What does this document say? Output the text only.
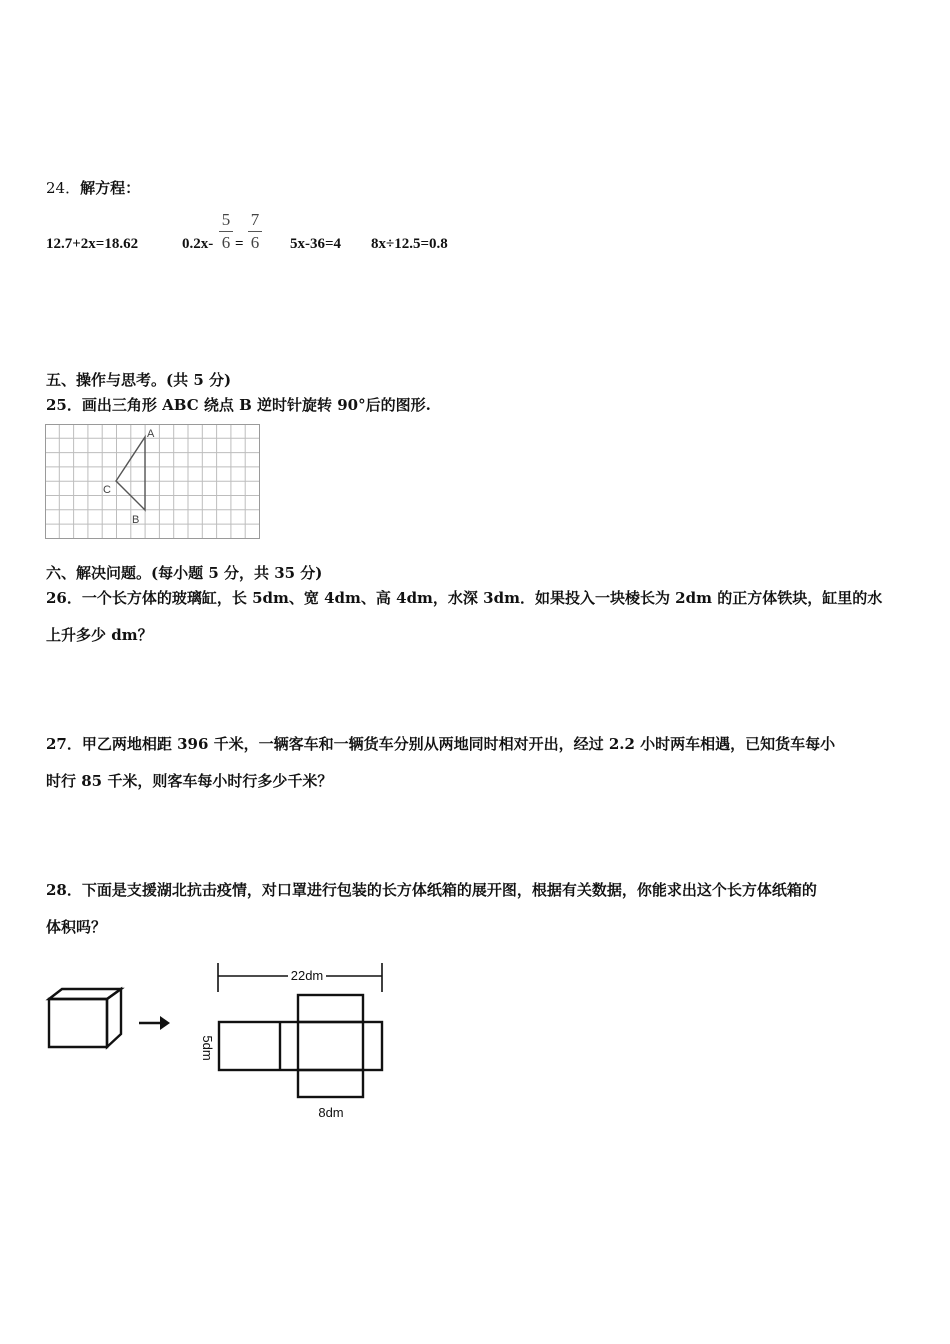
24．解方程：
12.7+2x=18.62	0.2x-
5
6 =
7
6 5x-36=4 8x÷12.5=0.8
五、操作与思考。(共 5 分)
25．画出三角形 ABC 绕点 B 逆时针旋转 90°后的图形.
A
B
C
六、解决问题。(每小题 5 分，共 35 分)
26．一个长方体的玻璃缸，长 5dm、宽 4dm、高 4dm，水深 3dm．如果投入一块棱长为 2dm 的正方体铁块，缸里的水
上升多少 dm？
27．甲乙两地相距 396 千米，一辆客车和一辆货车分别从两地同时相对开出，经过 2.2 小时两车相遇，已知货车每小
时行 85 千米，则客车每小时行多少千米？
28．下面是支援湖北抗击疫情，对口罩进行包装的长方体纸箱的展开图，根据有关数据，你能求出这个长方体纸箱的
体积吗？
22dm
5dm
8dm
